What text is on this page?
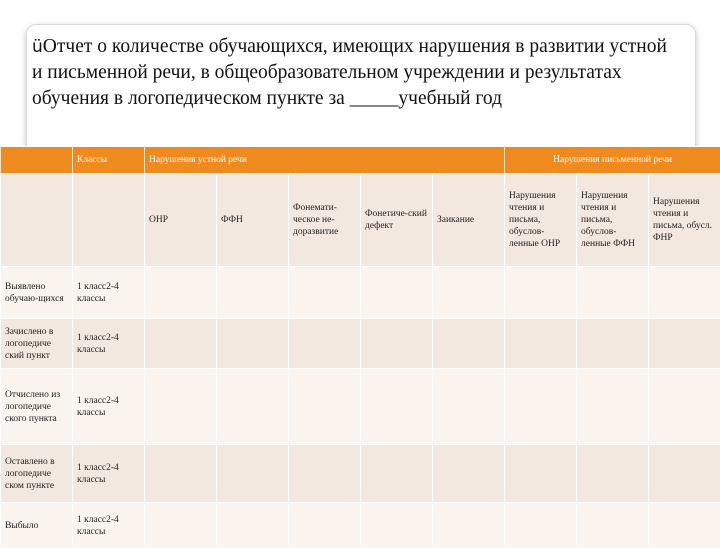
üОтчет о количестве обучающихся, имеющих нарушения в развитии устной и письменной речи, в общеобразовательном учреждении и результатах обучения в логопедическом пункте за _____учебный год
	Классы	Нарушения устной речи					Нарушения письменной речи		
		ОНР	ФФН	Фонемати-ческое не-доразвитие	Фонетиче-ский дефект	Заикание	Нарушения чтения и письма, обуслов-ленные ОНР	Нарушения чтения и письма, обуслов-ленные ФФН	Нарушения чтения и письма, обусл. ФНР
Выявлено обучаю-щихся	1 класс2-4 классы								
Зачислено в логопедиче ский пункт	1 класс2-4 классы								
Отчислено из логопедиче ского пункта	1 класс2-4 классы								
Оставлено в логопедиче ском пункте	1 класс2-4 классы								
Выбыло	1 класс2-4 классы								
